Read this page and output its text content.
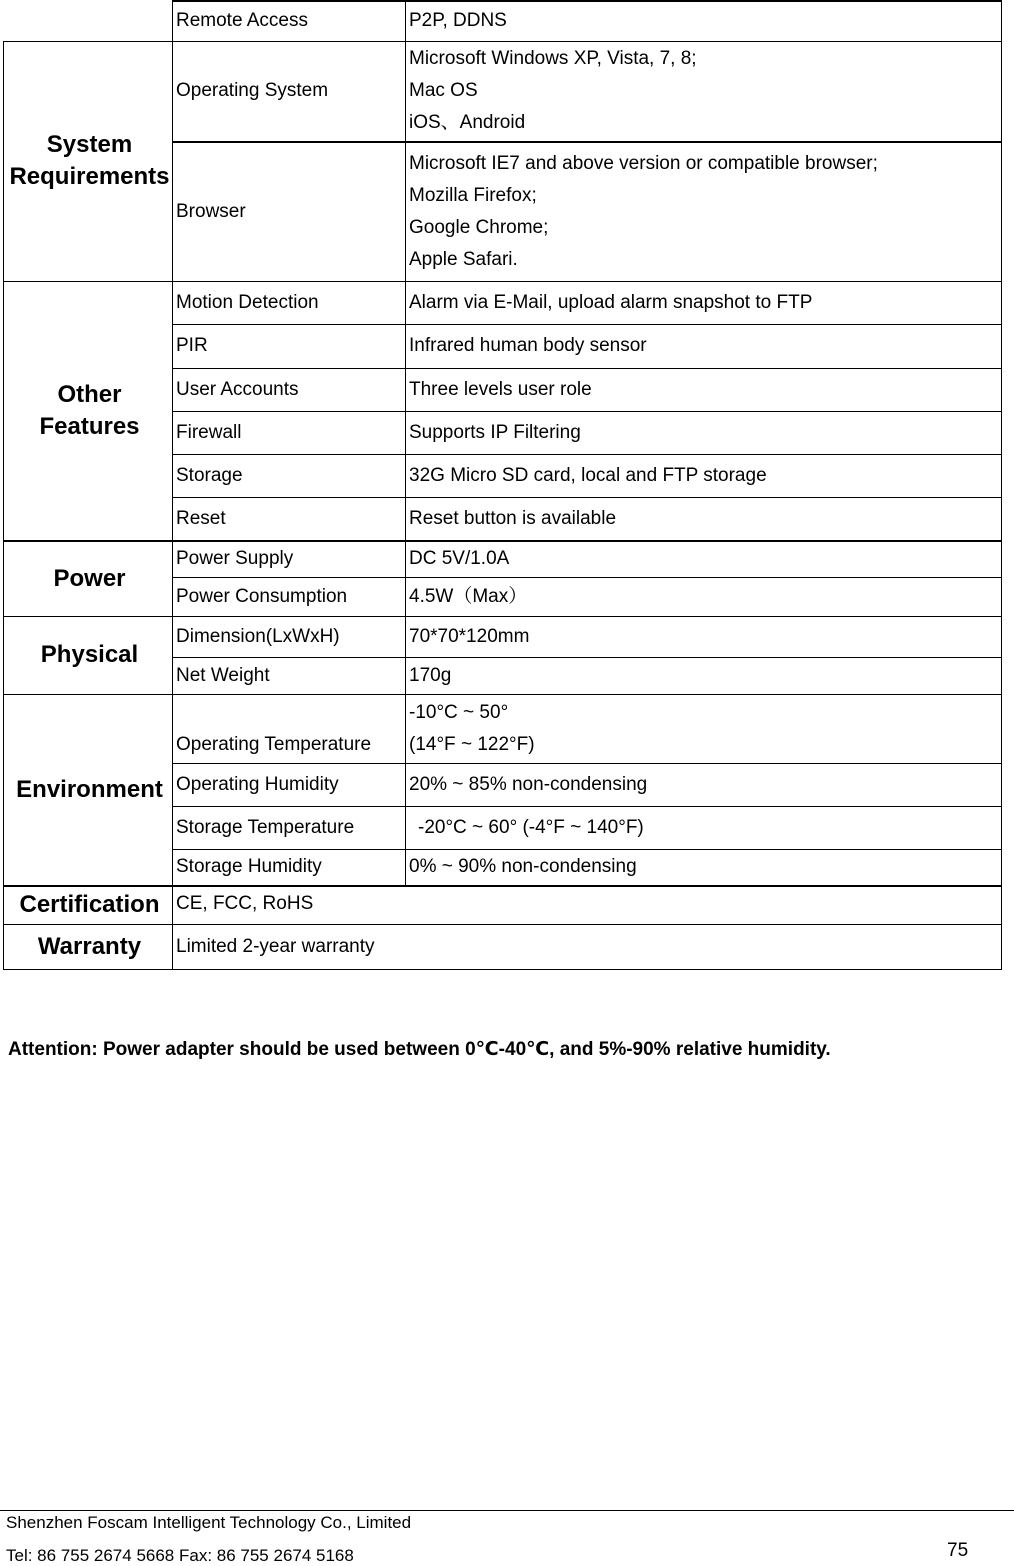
	Remote Access	P2P, DDNS

System
Requirements	Operating System	Microsoft Windows XP, Vista, 7, 8;
Mac OS
iOS、Android

	Browser	Microsoft IE7 and above version or compatible browser;
Mozilla Firefox;
Google Chrome;
Apple Safari.

Other
Features	Motion Detection	Alarm via E-Mail, upload alarm snapshot to FTP
	PIR	Infrared human body sensor
	User Accounts	Three levels user role
	Firewall	Supports IP Filtering
	Storage	32G Micro SD card, local and FTP storage
	Reset	Reset button is available
Power	Power Supply	DC 5V/1.0A
	Power Consumption	4.5W（Max）
Physical	Dimension(LxWxH)	70*70*120mm
	Net Weight	170g
Environment	Operating Temperature	-10°C ~ 50°
(14°F ~ 122°F)

	Operating Humidity	20% ~ 85% non-condensing
	Storage Temperature	-20°C ~ 60° (-4°F ~ 140°F)
	Storage Humidity	0% ~ 90% non-condensing
Certification	CE, FCC, RoHS	
Warranty	Limited 2-year warranty	
Attention: Power adapter should be used between 0℃-40℃, and 5%-90% relative humidity.
Shenzhen Foscam Intelligent Technology Co., Limited
Tel: 86 755 2674 5668 Fax: 86 755 2674 5168	75
